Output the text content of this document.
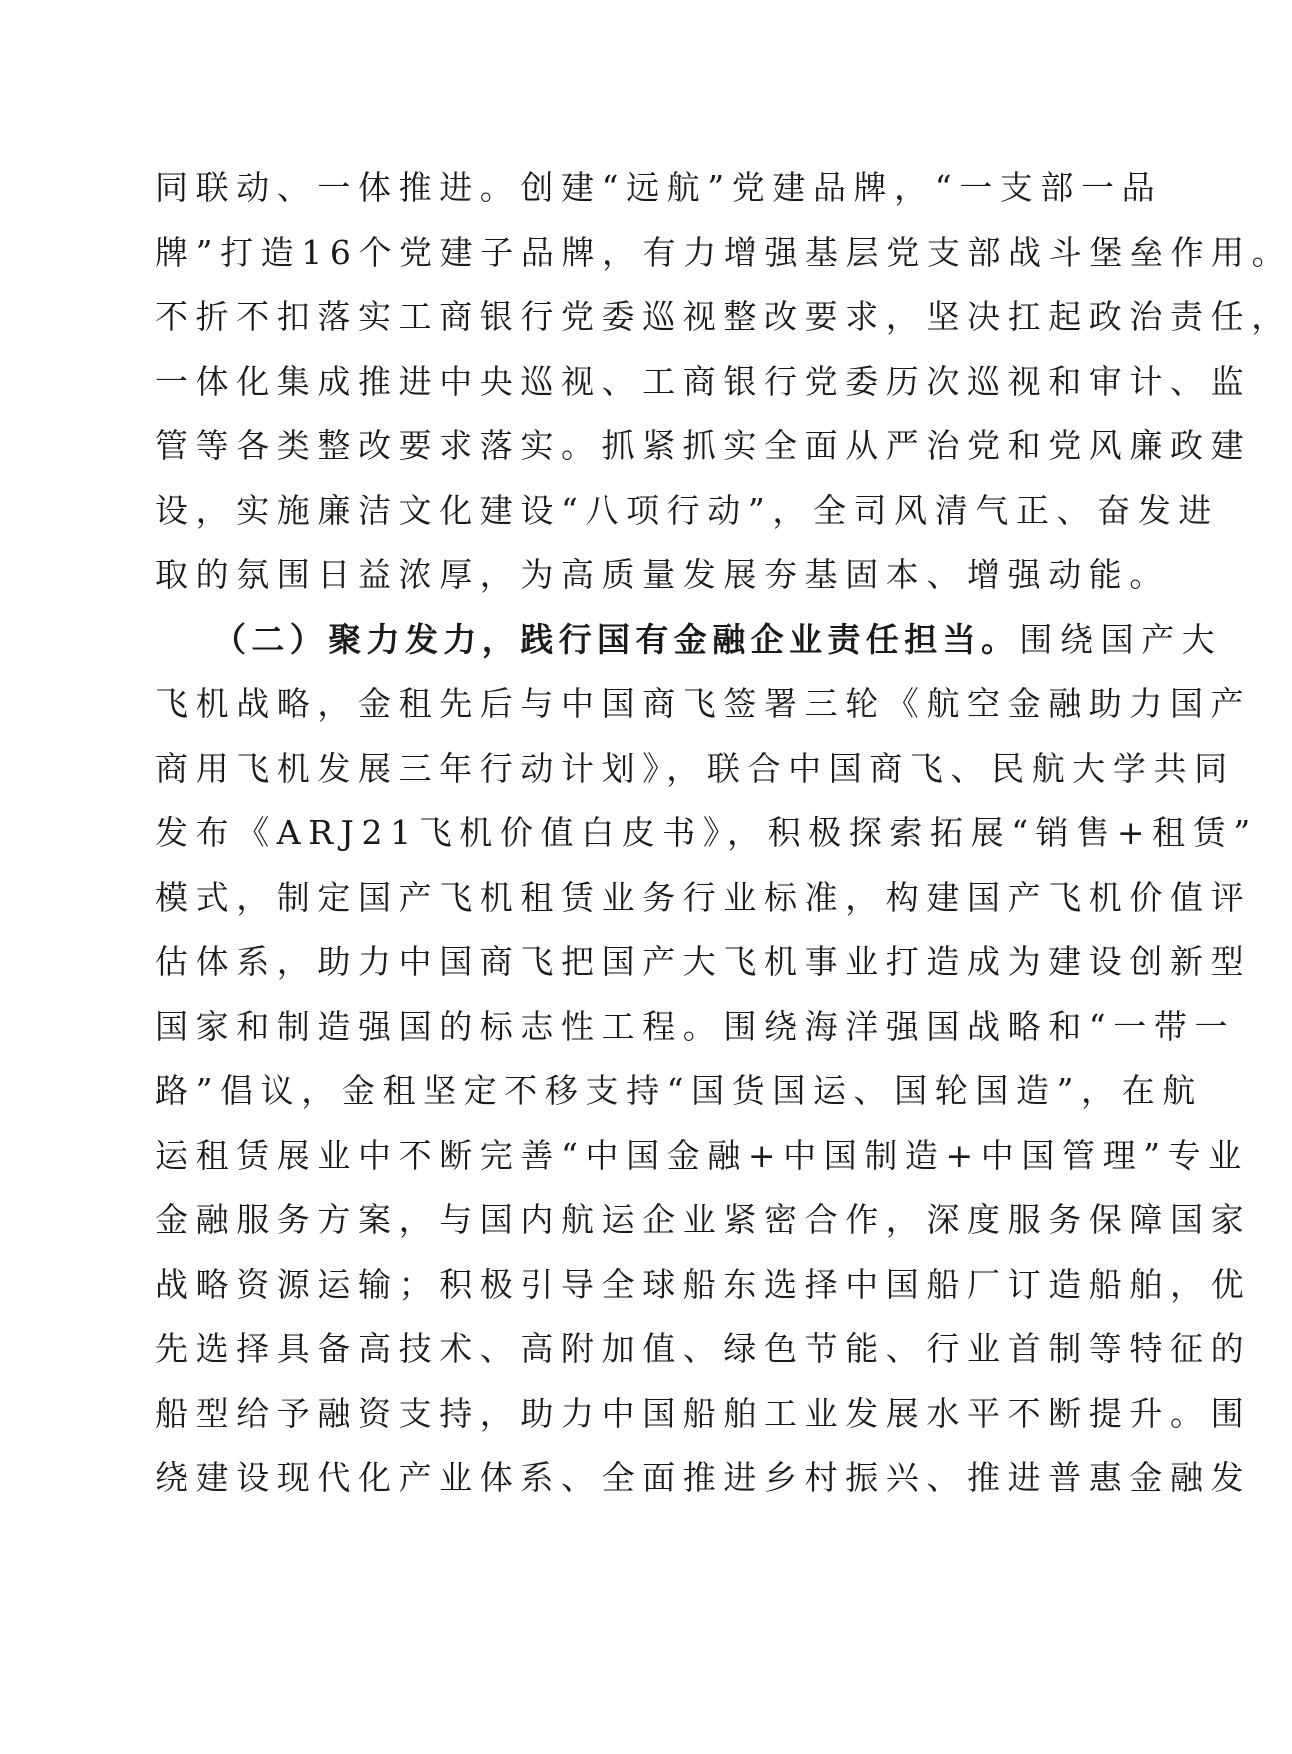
同联动、一体推进。创建“远航”党建品牌，“一支部一品
牌”打造16个党建子品牌，有力增强基层党支部战斗堡垒作用。
不折不扣落实工商银行党委巡视整改要求，坚决扛起政治责任，
一体化集成推进中央巡视、工商银行党委历次巡视和审计、监
管等各类整改要求落实。抓紧抓实全面从严治党和党风廉政建
设，实施廉洁文化建设“八项行动”，全司风清气正、奋发进
取的氛围日益浓厚，为高质量发展夯基固本、增强动能。
（二）聚力发力，践行国有金融企业责任担当。围绕国产大
飞机战略，金租先后与中国商飞签署三轮《航空金融助力国产
商用飞机发展三年行动计划》，联合中国商飞、民航大学共同
发布《ARJ21飞机价值白皮书》，积极探索拓展“销售+租赁”
模式，制定国产飞机租赁业务行业标准，构建国产飞机价值评
估体系，助力中国商飞把国产大飞机事业打造成为建设创新型
国家和制造强国的标志性工程。围绕海洋强国战略和“一带一
路”倡议，金租坚定不移支持“国货国运、国轮国造”，在航
运租赁展业中不断完善“中国金融+中国制造+中国管理”专业
金融服务方案，与国内航运企业紧密合作，深度服务保障国家
战略资源运输；积极引导全球船东选择中国船厂订造船舶，优
先选择具备高技术、高附加值、绿色节能、行业首制等特征的
船型给予融资支持，助力中国船舶工业发展水平不断提升。围
绕建设现代化产业体系、全面推进乡村振兴、推进普惠金融发
